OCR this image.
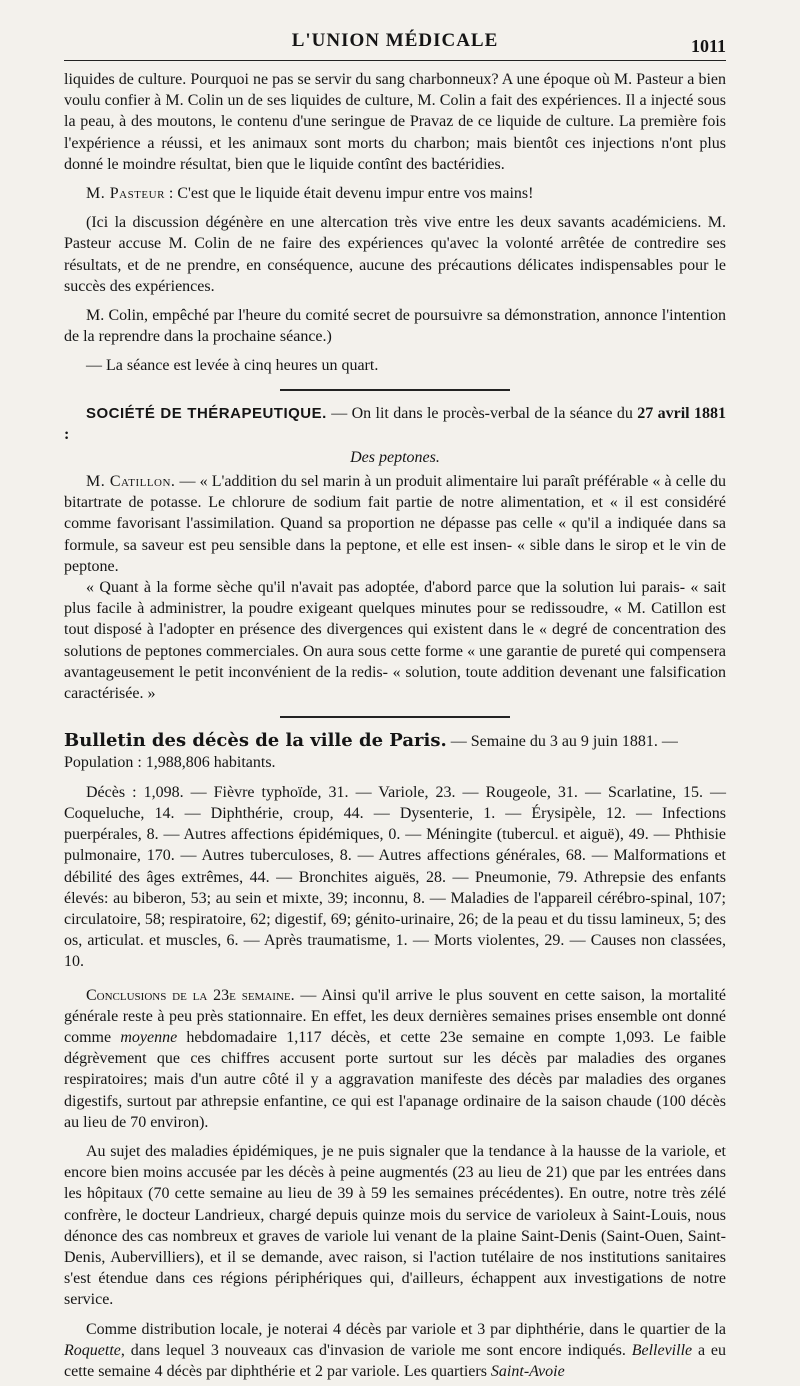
L'UNION MÉDICALE	1011

liquides de culture. Pourquoi ne pas se servir du sang charbonneux? A une époque où M. Pasteur a bien voulu confier à M. Colin un de ses liquides de culture, M. Colin a fait des expériences. Il a injecté sous la peau, à des moutons, le contenu d'une seringue de Pravaz de ce liquide de culture. La première fois l'expérience a réussi, et les animaux sont morts du charbon; mais bientôt ces injections n'ont plus donné le moindre résultat, bien que le liquide contînt des bactéridies.

M. Pasteur : C'est que le liquide était devenu impur entre vos mains!

(Ici la discussion dégénère en une altercation très vive entre les deux savants académiciens. M. Pasteur accuse M. Colin de ne faire des expériences qu'avec la volonté arrêtée de contredire ses résultats, et de ne prendre, en conséquence, aucune des précautions délicates indispensables pour le succès des expériences.

M. Colin, empêché par l'heure du comité secret de poursuivre sa démonstration, annonce l'intention de la reprendre dans la prochaine séance.)

— La séance est levée à cinq heures un quart.

SOCIÉTÉ DE THÉRAPEUTIQUE. — On lit dans le procès-verbal de la séance du 27 avril 1881 :

Des peptones.

M. Catillon. — « L'addition du sel marin à un produit alimentaire lui paraît préférable « à celle du bitartrate de potasse. Le chlorure de sodium fait partie de notre alimentation, et « il est considéré comme favorisant l'assimilation. Quand sa proportion ne dépasse pas celle « qu'il a indiquée dans sa formule, sa saveur est peu sensible dans la peptone, et elle est insen- « sible dans le sirop et le vin de peptone.

« Quant à la forme sèche qu'il n'avait pas adoptée, d'abord parce que la solution lui parais- « sait plus facile à administrer, la poudre exigeant quelques minutes pour se redissoudre, « M. Catillon est tout disposé à l'adopter en présence des divergences qui existent dans le « degré de concentration des solutions de peptones commerciales. On aura sous cette forme « une garantie de pureté qui compensera avantageusement le petit inconvénient de la redis- « solution, toute addition devenant une falsification caractérisée. »

Bulletin des décès de la ville de Paris. — Semaine du 3 au 9 juin 1881. —

Population : 1,988,806 habitants.

Décès : 1,098. — Fièvre typhoïde, 31. — Variole, 23. — Rougeole, 31. — Scarlatine, 15. — Coqueluche, 14. — Diphthérie, croup, 44. — Dysenterie, 1. — Érysipèle, 12. — Infections puerpérales, 8. — Autres affections épidémiques, 0. — Méningite (tubercul. et aiguë), 49. — Phthisie pulmonaire, 170. — Autres tuberculoses, 8. — Autres affections générales, 68. — Malformations et débilité des âges extrêmes, 44. — Bronchites aiguës, 28. — Pneumonie, 79. Athrepsie des enfants élevés: au biberon, 53; au sein et mixte, 39; inconnu, 8. — Maladies de l'appareil cérébro-spinal, 107; circulatoire, 58; respiratoire, 62; digestif, 69; génito-urinaire, 26; de la peau et du tissu lamineux, 5; des os, articulat. et muscles, 6. — Après traumatisme, 1. — Morts violentes, 29. — Causes non classées, 10.

Conclusions de la 23e semaine. — Ainsi qu'il arrive le plus souvent en cette saison, la mortalité générale reste à peu près stationnaire. En effet, les deux dernières semaines prises ensemble ont donné comme moyenne hebdomadaire 1,117 décès, et cette 23e semaine en compte 1,093. Le faible dégrèvement que ces chiffres accusent porte surtout sur les décès par maladies des organes respiratoires; mais d'un autre côté il y a aggravation manifeste des décès par maladies des organes digestifs, surtout par athrepsie enfantine, ce qui est l'apanage ordinaire de la saison chaude (100 décès au lieu de 70 environ).

Au sujet des maladies épidémiques, je ne puis signaler que la tendance à la hausse de la variole, et encore bien moins accusée par les décès à peine augmentés (23 au lieu de 21) que par les entrées dans les hôpitaux (70 cette semaine au lieu de 39 à 59 les semaines précédentes). En outre, notre très zélé confrère, le docteur Landrieux, chargé depuis quinze mois du service de varioleux à Saint-Louis, nous dénonce des cas nombreux et graves de variole lui venant de la plaine Saint-Denis (Saint-Ouen, Saint-Denis, Aubervilliers), et il se demande, avec raison, si l'action tutélaire de nos institutions sanitaires s'est étendue dans ces régions périphériques qui, d'ailleurs, échappent aux investigations de notre service.

Comme distribution locale, je noterai 4 décès par variole et 3 par diphthérie, dans le quartier de la Roquette, dans lequel 3 nouveaux cas d'invasion de variole me sont encore indiqués. Belleville a eu cette semaine 4 décès par diphthérie et 2 par variole. Les quartiers Saint-Avoie
